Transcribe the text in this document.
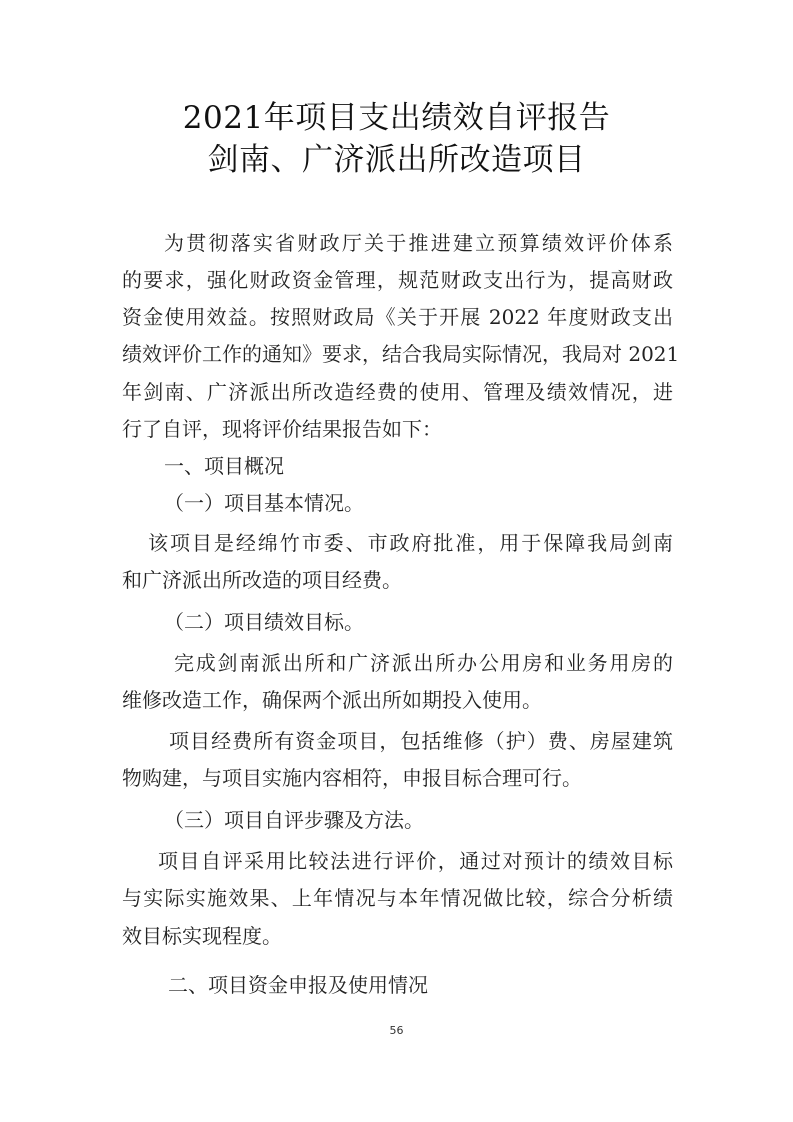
2021年项目支出绩效自评报告
剑南、广济派出所改造项目
为贯彻落实省财政厅关于推进建立预算绩效评价体系
的要求，强化财政资金管理，规范财政支出行为，提高财政
资金使用效益。按照财政局《关于开展 2022 年度财政支出
绩效评价工作的通知》要求，结合我局实际情况，我局对 2021
年剑南、广济派出所改造经费的使用、管理及绩效情况，进
行了自评，现将评价结果报告如下：
一、项目概况
（一）项目基本情况。
该项目是经绵竹市委、市政府批准，用于保障我局剑南
和广济派出所改造的项目经费。
（二）项目绩效目标。
完成剑南派出所和广济派出所办公用房和业务用房的
维修改造工作，确保两个派出所如期投入使用。
项目经费所有资金项目，包括维修（护）费、房屋建筑
物购建，与项目实施内容相符，申报目标合理可行。
（三）项目自评步骤及方法。
项目自评采用比较法进行评价，通过对预计的绩效目标
与实际实施效果、上年情况与本年情况做比较，综合分析绩
效目标实现程度。
二、项目资金申报及使用情况
56
